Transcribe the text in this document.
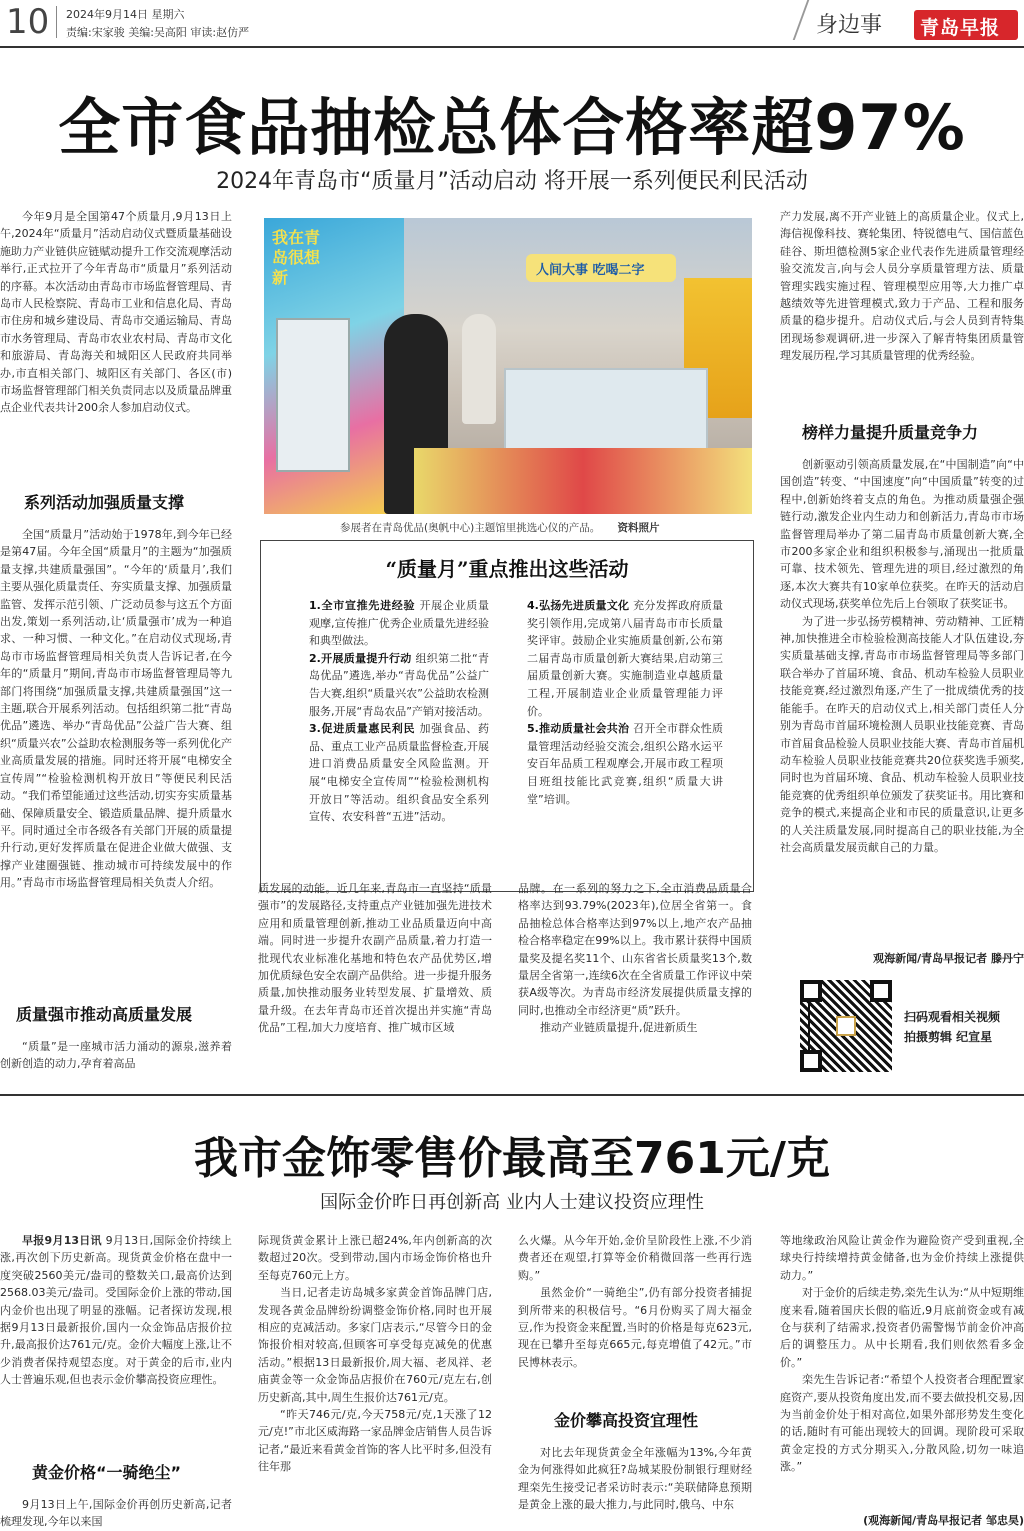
10 2024年9月14日 星期六
责编:宋家骏 美编:吴高阳 审读:赵仿严	身边事 青岛早报
全市食品抽检总体合格率超97%
2024年青岛市“质量月”活动启动 将开展一系列便民利民活动

今年9月是全国第47个质量月,9月13日上午,2024年“质量月”活动启动仪式暨质量基础设施助力产业链供应链赋动提升工作交流观摩活动举行,正式拉开了今年青岛市“质量月”系列活动的序幕。本次活动由青岛市市场监督管理局、青岛市人民检察院、青岛市工业和信息化局、青岛市住房和城乡建设局、青岛市交通运输局、青岛市水务管理局、青岛市农业农村局、青岛市文化和旅游局、青岛海关和城阳区人民政府共同举办,市直相关部门、城阳区有关部门、各区(市)市场监督管理部门相关负责同志以及质量品牌重点企业代表共计200余人参加启动仪式。

系列活动加强质量支撑

全国“质量月”活动始于1978年,到今年已经是第47届。今年全国“质量月”的主题为“加强质量支撑,共建质量强国”。“今年的‘质量月’,我们主要从强化质量责任、夯实质量支撑、加强质量监管、发挥示范引领、广泛动员参与这五个方面出发,策划一系列活动,让‘质量强市’成为一种追求、一种习惯、一种文化。”在启动仪式现场,青岛市市场监督管理局相关负责人告诉记者,在今年的“质量月”期间,青岛市市场监督管理局等九部门将围绕“加强质量支撑,共建质量强国”这一主题,联合开展系列活动。包括组织第二批“青岛优品”遴选、举办“青岛优品”公益广告大赛、组织“质量兴农”公益助农检测服务等一系列优化产业高质量发展的措施。同时还将开展“电梯安全宣传周”“检验检测机构开放日”等便民利民活动。“我们希望能通过这些活动,切实夯实质量基础、保障质量安全、锻造质量品牌、提升质量水平。同时通过全市各级各有关部门开展的质量提升行动,更好发挥质量在促进企业做大做强、支撑产业建圈强链、推动城市可持续发展中的作用。”青岛市市场监督管理局相关负责人介绍。

质量强市推动高质量发展

“质量”是一座城市活力涌动的源泉,滋养着创新创造的动力,孕育着高品

我在青岛很想新	人间大事 吃喝二字
参展者在青岛优品(奥帆中心)主题馆里挑选心仪的产品。 资料照片
“质量月”重点推出这些活动

1.全市宣推先进经验 开展企业质量观摩,宣传推广优秀企业质量先进经验和典型做法。

2.开展质量提升行动 组织第二批“青岛优品”遴选,举办“青岛优品”公益广告大赛,组织“质量兴农”公益助农检测服务,开展“青岛农品”产销对接活动。

3.促进质量惠民利民 加强食品、药品、重点工业产品质量监督检查,开展进口消费品质量安全风险监测。开展“电梯安全宣传周”“检验检测机构开放日”等活动。组织食品安全系列宣传、农安科普“五进”活动。

4.弘扬先进质量文化 充分发挥政府质量奖引领作用,完成第八届青岛市市长质量奖评审。鼓励企业实施质量创新,公布第二届青岛市质量创新大赛结果,启动第三届质量创新大赛。实施制造业卓越质量工程,开展制造业企业质量管理能力评价。

5.推动质量社会共治 召开全市群众性质量管理活动经验交流会,组织公路水运平安百年品质工程观摩会,开展市政工程项目班组技能比武竞赛,组织“质量大讲堂”培训。

质发展的动能。近几年来,青岛市一直坚持“质量强市”的发展路径,支持重点产业链加强先进技术应用和质量管理创新,推动工业品质量迈向中高端。同时进一步提升农副产品质量,着力打造一批现代农业标准化基地和特色农产品优势区,增加优质绿色安全农副产品供给。进一步提升服务质量,加快推动服务业转型发展、扩量增效、质量升级。在去年青岛市还首次提出并实施“青岛优品”工程,加大力度培育、推广城市区域

品牌。在一系列的努力之下,全市消费品质量合格率达到93.79%(2023年),位居全省第一。食品抽检总体合格率达到97%以上,地产农产品抽检合格率稳定在99%以上。我市累计获得中国质量奖及提名奖11个、山东省省长质量奖13个,数量居全省第一,连续6次在全省质量工作评议中荣获A级等次。为青岛市经济发展提供质量支撑的同时,也推动全市经济更“质”跃升。

推动产业链质量提升,促进新质生

产力发展,离不开产业链上的高质量企业。仪式上,海信视像科技、赛轮集团、特锐德电气、国信蓝色硅谷、斯坦德检测5家企业代表作先进质量管理经验交流发言,向与会人员分享质量管理方法、质量管理实践实施过程、管理模型应用等,大力推广卓越绩效等先进管理模式,致力于产品、工程和服务质量的稳步提升。启动仪式后,与会人员到青特集团现场参观调研,进一步深入了解青特集团质量管理发展历程,学习其质量管理的优秀经验。

榜样力量提升质量竞争力

创新驱动引领高质量发展,在“中国制造”向“中国创造”转变、“中国速度”向“中国质量”转变的过程中,创新始终着支点的角色。为推动质量强企强链行动,激发企业内生动力和创新活力,青岛市市场监督管理局举办了第二届青岛市质量创新大赛,全市200多家企业和组织积极参与,涌现出一批质量可靠、技术领先、管理先进的项目,经过激烈的角逐,本次大赛共有10家单位获奖。在昨天的活动启动仪式现场,获奖单位先后上台领取了获奖证书。

为了进一步弘扬劳模精神、劳动精神、工匠精神,加快推进全市检验检测高技能人才队伍建设,夯实质量基础支撑,青岛市市场监督管理局等多部门联合举办了首届环境、食品、机动车检验人员职业技能竞赛,经过激烈角逐,产生了一批成绩优秀的技能能手。在昨天的启动仪式上,相关部门责任人分别为青岛市首届环境检测人员职业技能竞赛、青岛市首届食品检验人员职业技能大赛、青岛市首届机动车检验人员职业技能竞赛共20位获奖选手颁奖,同时也为首届环境、食品、机动车检验人员职业技能竞赛的优秀组织单位颁发了获奖证书。用比赛和竞争的模式,来提高企业和市民的质量意识,让更多的人关注质量发展,同时提高自己的职业技能,为全社会高质量发展贡献自己的力量。

观海新闻/青岛早报记者 滕丹宁
扫码观看相关视频
拍摄剪辑 纪宣星
我市金饰零售价最高至761元/克
国际金价昨日再创新高 业内人士建议投资应理性

早报9月13日讯 9月13日,国际金价持续上涨,再次创下历史新高。现货黄金价格在盘中一度突破2560美元/盎司的整数关口,最高价达到2568.03美元/盎司。受国际金价上涨的带动,国内金价也出现了明显的涨幅。记者探访发现,根据9月13日最新报价,国内一众金饰品店报价拉升,最高报价达761元/克。金价大幅度上涨,让不少消费者保持观望态度。对于黄金的后市,业内人士普遍乐观,但也表示金价攀高投资应理性。

黄金价格“一骑绝尘”

9月13日上午,国际金价再创历史新高,记者梳理发现,今年以来国

际现货黄金累计上涨已超24%,年内创新高的次数超过20次。受到带动,国内市场金饰价格也升至每克760元上方。

当日,记者走访岛城多家黄金首饰品牌门店,发现各黄金品牌纷纷调整金饰价格,同时也开展相应的克减活动。多家门店表示,“尽管今日的金饰报价相对较高,但顾客可享受每克减免的优惠活动。”根据13日最新报价,周大福、老凤祥、老庙黄金等一众金饰品店报价在760元/克左右,创历史新高,其中,周生生报价达761元/克。

“昨天746元/克,今天758元/克,1天涨了12元/克!”市北区威海路一家品牌金店销售人员告诉记者,“最近来看黄金首饰的客人比平时多,但没有往年那

么火爆。从今年开始,金价呈阶段性上涨,不少消费者还在观望,打算等金价稍微回落一些再行选购。”

虽然金价“一骑绝尘”,仍有部分投资者捕捉到所带来的积极信号。“6月份购买了周大福金豆,作为投资金来配置,当时的价格是每克623元,现在已攀升至每克665元,每克增值了42元。”市民博林表示。

金价攀高投资宜理性

对比去年现货黄金全年涨幅为13%,今年黄金为何涨得如此疯狂?岛城某股份制银行理财经理栾先生接受记者采访时表示:“美联储降息预期是黄金上涨的最大推力,与此同时,俄乌、中东

等地缘政治风险让黄金作为避险资产受到重视,全球央行持续增持黄金储备,也为金价持续上涨提供动力。”

对于金价的后续走势,栾先生认为:“从中短期维度来看,随着国庆长假的临近,9月底前资金或有减仓与获利了结需求,投资者仍需警惕节前金价冲高后的调整压力。从中长期看,我们则依然看多金价。”

栾先生告诉记者:“希望个人投资者合理配置家庭资产,要从投资角度出发,而不要去做投机交易,因为当前金价处于相对高位,如果外部形势发生变化的话,随时有可能出现较大的回调。现阶段可采取黄金定投的方式分期买入,分散风险,切勿一味追涨。”

(观海新闻/青岛早报记者 邹忠昊)
